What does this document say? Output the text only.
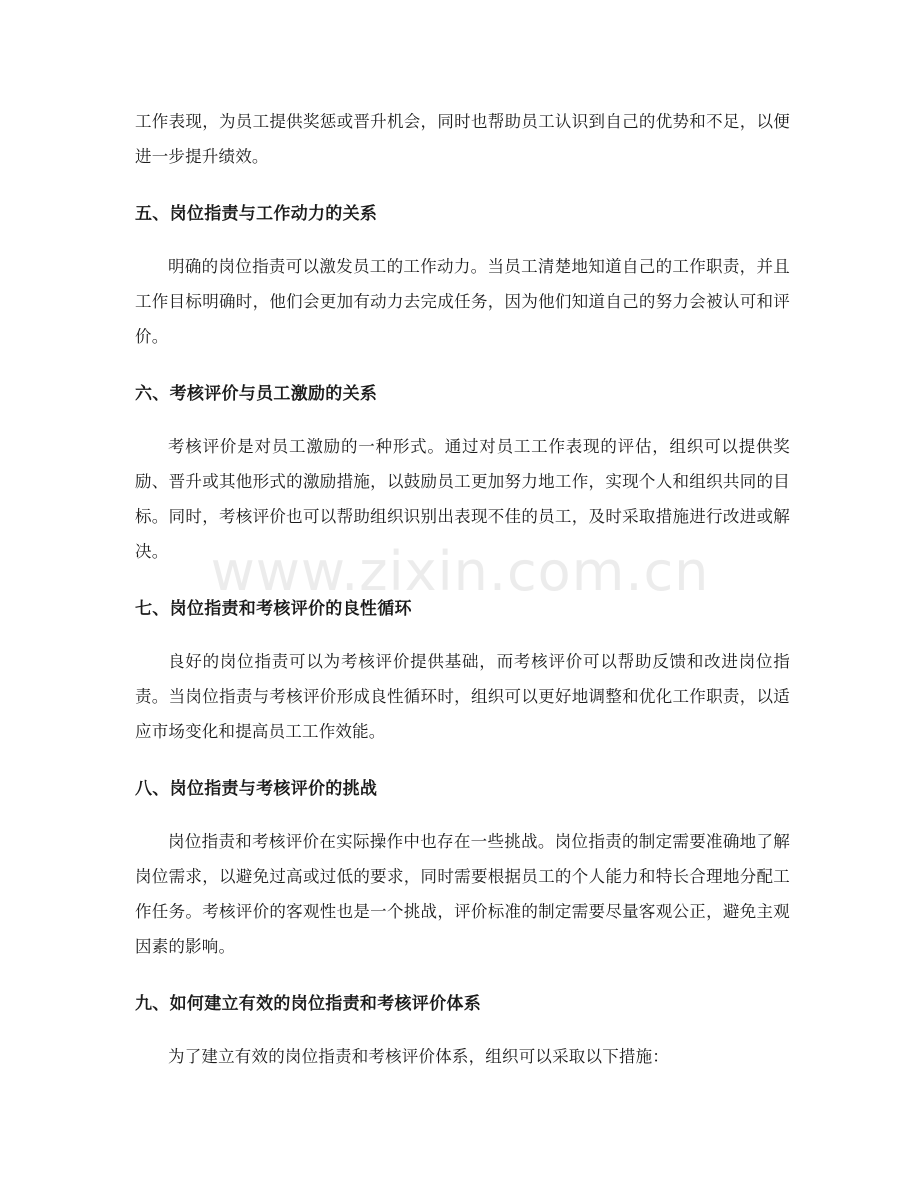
工作表现，为员工提供奖惩或晋升机会，同时也帮助员工认识到自己的优势和不足，以便进一步提升绩效。

五、岗位指责与工作动力的关系

明确的岗位指责可以激发员工的工作动力。当员工清楚地知道自己的工作职责，并且工作目标明确时，他们会更加有动力去完成任务，因为他们知道自己的努力会被认可和评价。

六、考核评价与员工激励的关系

考核评价是对员工激励的一种形式。通过对员工工作表现的评估，组织可以提供奖励、晋升或其他形式的激励措施，以鼓励员工更加努力地工作，实现个人和组织共同的目标。同时，考核评价也可以帮助组织识别出表现不佳的员工，及时采取措施进行改进或解决。

七、岗位指责和考核评价的良性循环

良好的岗位指责可以为考核评价提供基础，而考核评价可以帮助反馈和改进岗位指责。当岗位指责与考核评价形成良性循环时，组织可以更好地调整和优化工作职责，以适应市场变化和提高员工工作效能。

八、岗位指责与考核评价的挑战

岗位指责和考核评价在实际操作中也存在一些挑战。岗位指责的制定需要准确地了解岗位需求，以避免过高或过低的要求，同时需要根据员工的个人能力和特长合理地分配工作任务。考核评价的客观性也是一个挑战，评价标准的制定需要尽量客观公正，避免主观因素的影响。

九、如何建立有效的岗位指责和考核评价体系

为了建立有效的岗位指责和考核评价体系，组织可以采取以下措施：

www.zixin.com.cn
